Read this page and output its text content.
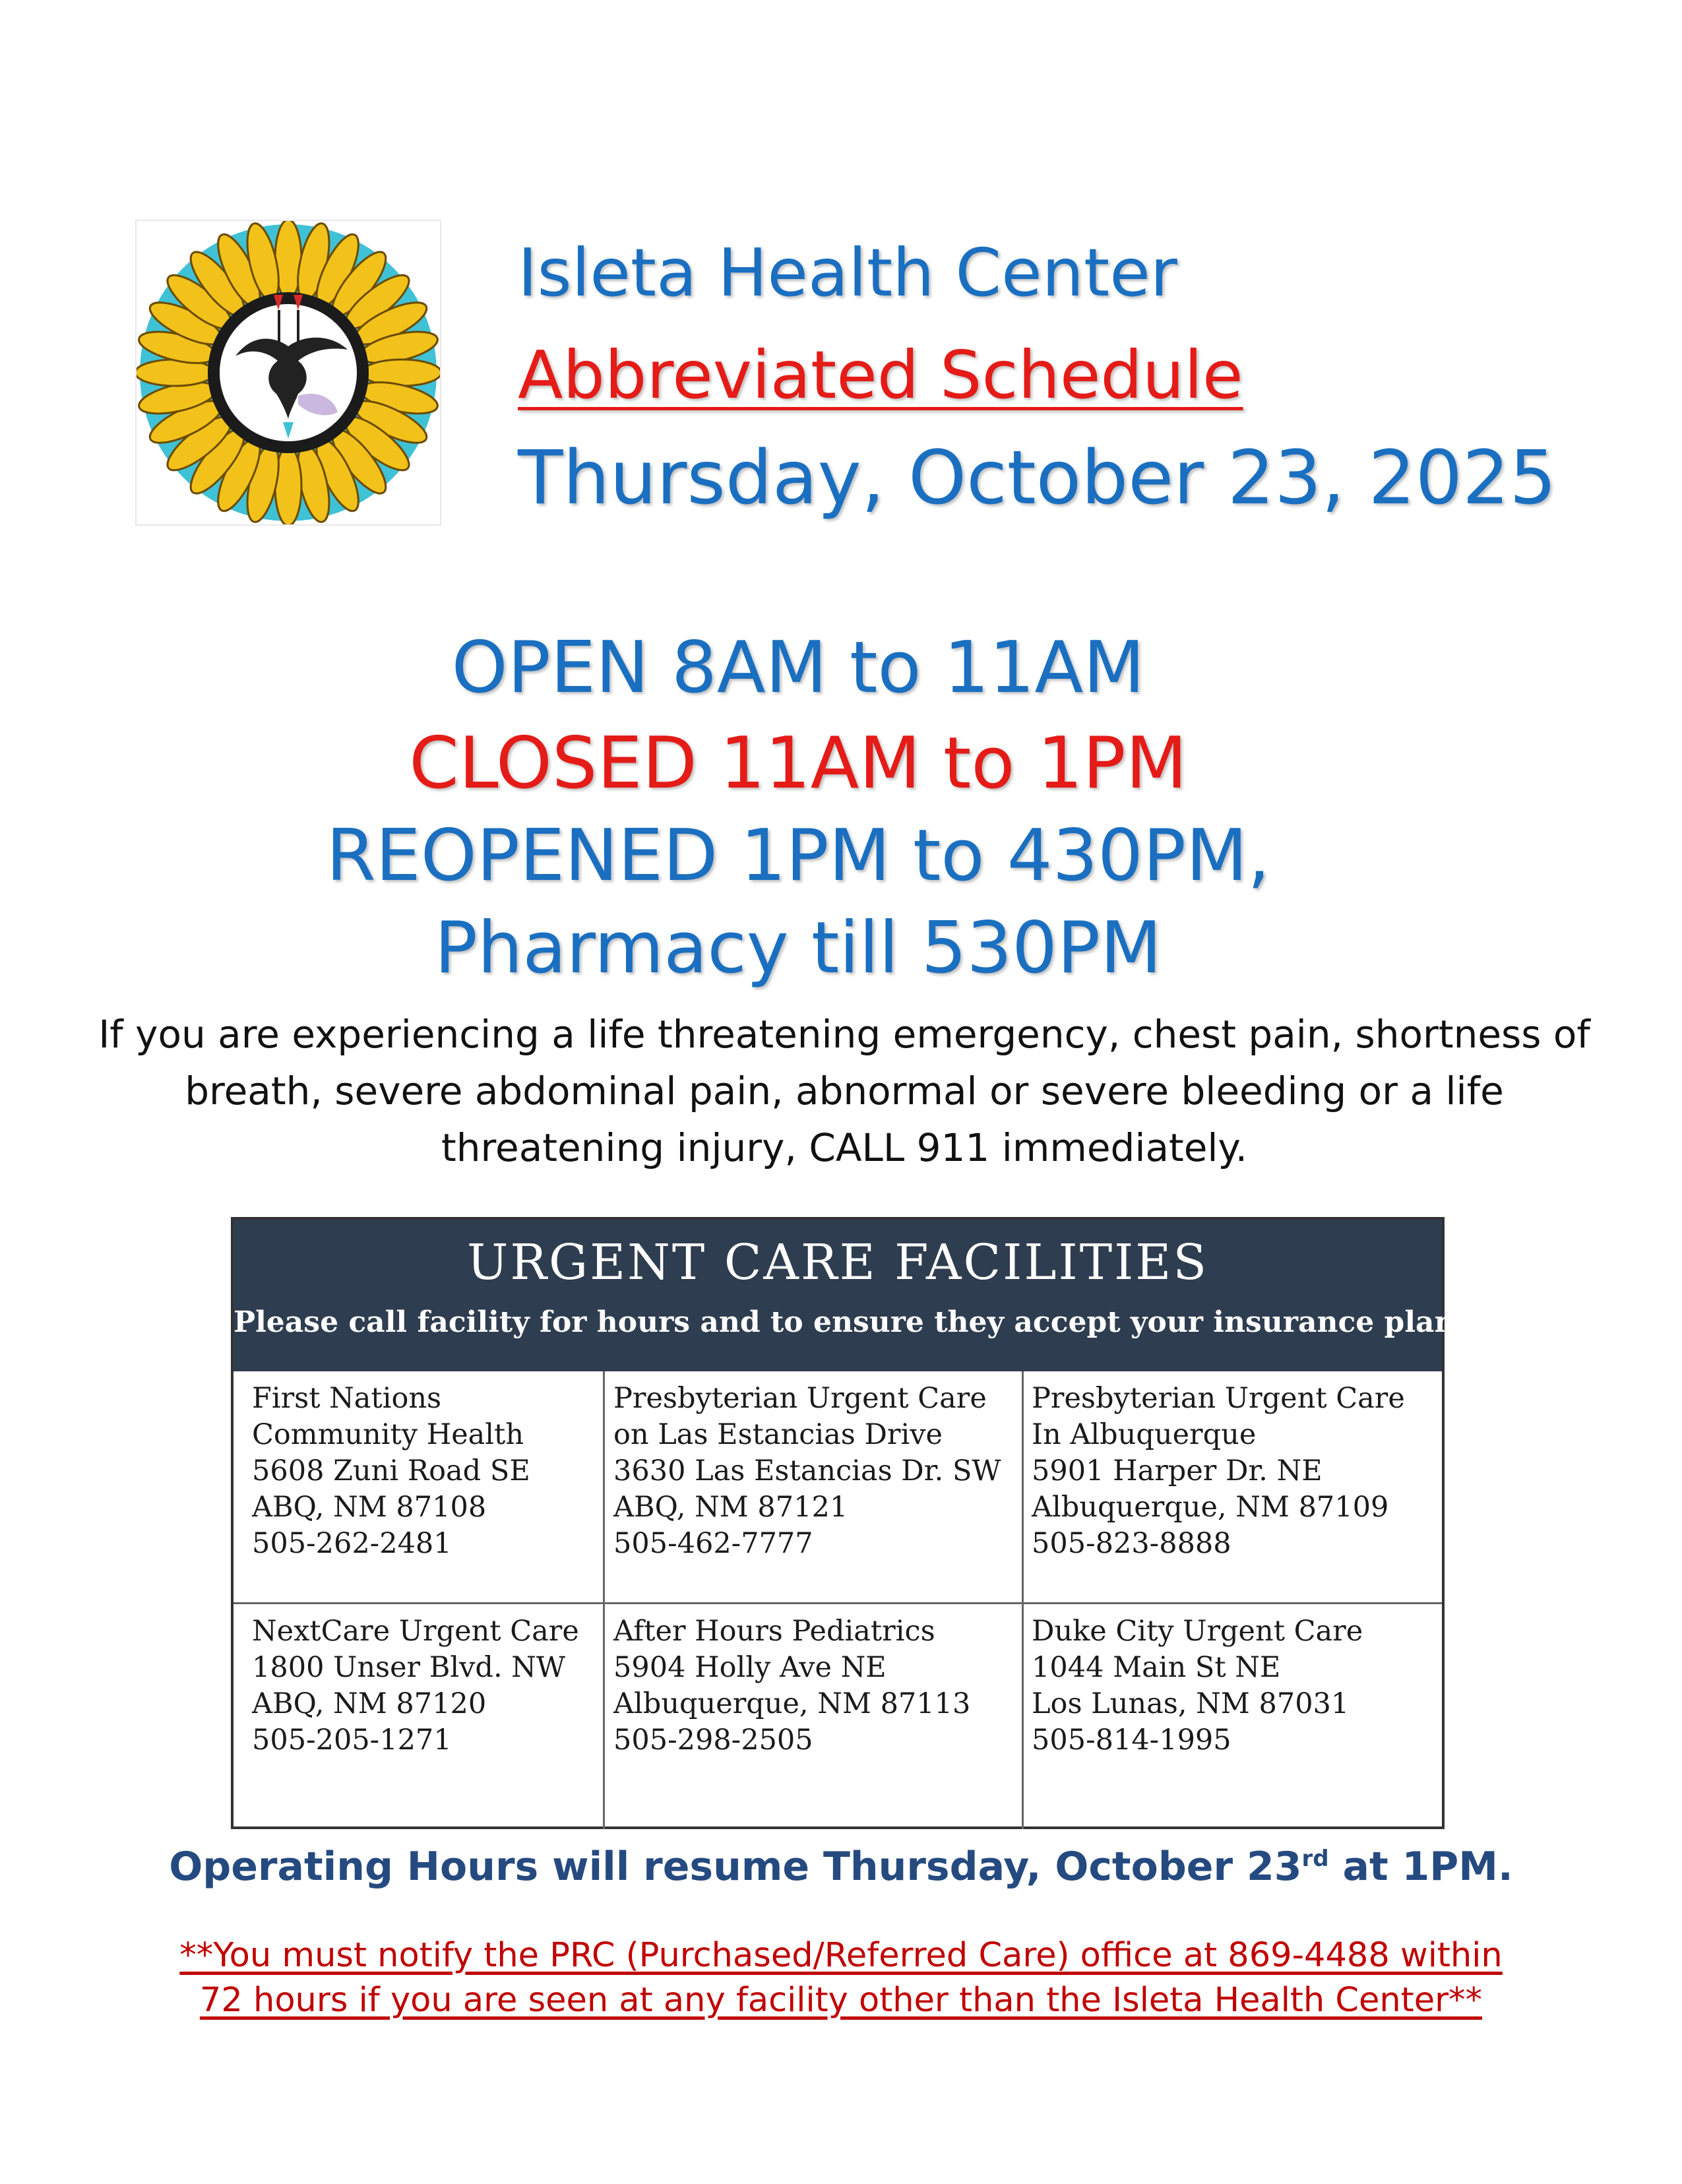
Isleta Health Center
Abbreviated Schedule
Thursday, October 23, 2025
OPEN 8AM to 11AM
CLOSED 11AM to 1PM
REOPENED 1PM to 430PM,
Pharmacy till 530PM
If you are experiencing a life threatening emergency, chest pain, shortness of
breath, severe abdominal pain, abnormal or severe bleeding or a life
threatening injury, CALL 911 immediately.
URGENT CARE FACILITIES
Please call facility for hours and to ensure they accept your insurance plan.
First Nations
Community Health
5608 Zuni Road SE
ABQ, NM 87108
505-262-2481
Presbyterian Urgent Care
on Las Estancias Drive
3630 Las Estancias Dr. SW
ABQ, NM 87121
505-462-7777
Presbyterian Urgent Care
In Albuquerque
5901 Harper Dr. NE
Albuquerque, NM 87109
505-823-8888
NextCare Urgent Care
1800 Unser Blvd. NW
ABQ, NM 87120
505-205-1271
After Hours Pediatrics
5904 Holly Ave NE
Albuquerque, NM 87113
505-298-2505
Duke City Urgent Care
1044 Main St NE
Los Lunas, NM 87031
505-814-1995
Operating Hours will resume Thursday, October 23rd at 1PM.
**You must notify the PRC (Purchased/Referred Care) office at 869-4488 within
72 hours if you are seen at any facility other than the Isleta Health Center**
